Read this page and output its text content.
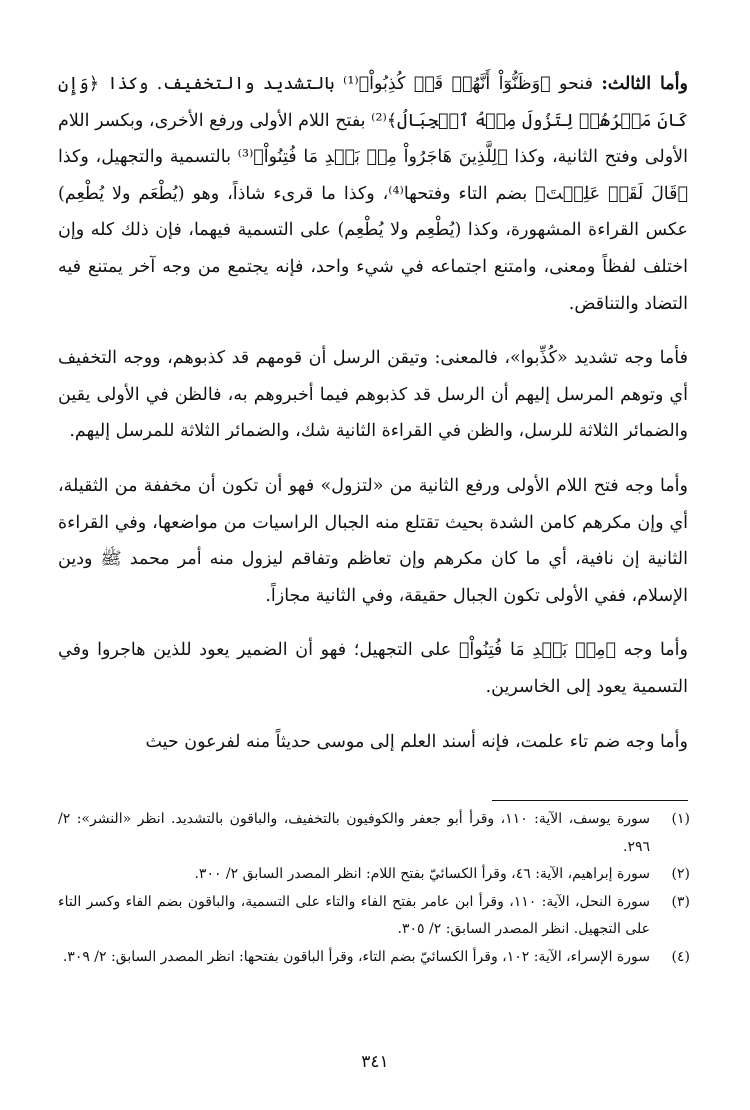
وأما الثالث: فنحو ﴿وَظَنُّوٓاْ أَنَّهُمۡ قَدۡ كُذِبُواْ﴾⁽¹⁾ بالتشديد والتخفيف. وكذا ﴿وَإِن كَانَ مَكۡرُهُمۡ لِتَزُولَ مِنۡهُ ٱلۡجِبَالُ﴾⁽²⁾ بفتح اللام الأولى ورفع الأخرى، وبكسر اللام الأولى وفتح الثانية، وكذا ﴿لِلَّذِينَ هَاجَرُواْ مِنۢ بَعۡدِ مَا فُتِنُواْ﴾⁽³⁾ بالتسمية والتجهيل، وكذا ﴿قَالَ لَقَدۡ عَلِمۡتَ﴾ بضم التاء وفتحها⁽⁴⁾، وكذا ما قرىء شاذاً، وهو (يُطْعَم ولا يُطْعِم) عكس القراءة المشهورة، وكذا (يُطْعِم ولا يُطْعِم) على التسمية فيهما، فإن ذلك كله وإن اختلف لفظاً ومعنى، وامتنع اجتماعه في شيء واحد، فإنه يجتمع من وجه آخر يمتنع فيه التضاد والتناقض.

فأما وجه تشديد «كُذِّبوا»، فالمعنى: وتيقن الرسل أن قومهم قد كذبوهم، ووجه التخفيف أي وتوهم المرسل إليهم أن الرسل قد كذبوهم فيما أخبروهم به، فالظن في الأولى يقين والضمائر الثلاثة للرسل، والظن في القراءة الثانية شك، والضمائر الثلاثة للمرسل إليهم.

وأما وجه فتح اللام الأولى ورفع الثانية من «لتزول» فهو أن تكون أن مخففة من الثقيلة، أي وإن مكرهم كامن الشدة بحيث تقتلع منه الجبال الراسيات من مواضعها، وفي القراءة الثانية إن نافية، أي ما كان مكرهم وإن تعاظم وتفاقم ليزول منه أمر محمد ﷺ ودين الإسلام، ففي الأولى تكون الجبال حقيقة، وفي الثانية مجازاً.

وأما وجه ﴿مِنۢ بَعۡدِ مَا فُتِنُواْ﴾ على التجهيل؛ فهو أن الضمير يعود للذين هاجروا وفي التسمية يعود إلى الخاسرين.

وأما وجه ضم تاء علمت، فإنه أسند العلم إلى موسى حديثاً منه لفرعون حيث

(١)
سورة يوسف، الآية: ١١٠، وقرأ أبو جعفر والكوفيون بالتخفيف، والباقون بالتشديد. انظر «النشر»: ٢/ ٢٩٦.
(٢)
سورة إبراهيم، الآية: ٤٦، وقرأ الكسائيّ بفتح اللام: انظر المصدر السابق ٢/ ٣٠٠.
(٣)
سورة النحل، الآية: ١١٠، وقرأ ابن عامر بفتح الفاء والتاء على التسمية، والباقون بضم الفاء وكسر التاء على التجهيل. انظر المصدر السابق: ٢/ ٣٠٥.
(٤)
سورة الإسراء، الآية: ١٠٢، وقرأ الكسائيّ بضم التاء، وقرأ الباقون بفتحها: انظر المصدر السابق: ٢/ ٣٠٩.
٣٤١
